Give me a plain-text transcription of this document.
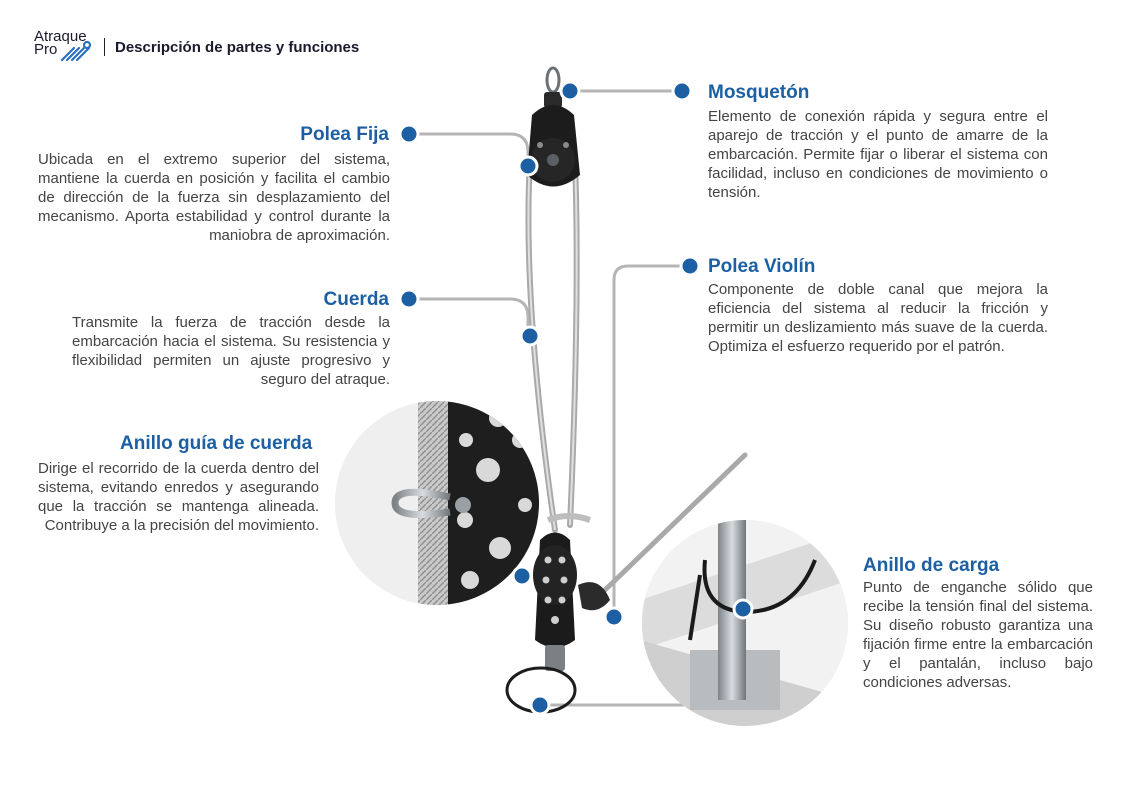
Atraque
Pro	Descripción de partes y funciones
Polea Fija
Ubicada en el extremo superior del sistema, mantiene la cuerda en posición y facilita el cambio de dirección de la fuerza sin desplazamiento del mecanismo. Aporta estabilidad y control durante la maniobra de aproximación.
Cuerda
Transmite la fuerza de tracción desde la embarcación hacia el sistema. Su resistencia y flexibilidad permiten un ajuste progresivo y seguro del atraque.
Anillo guía de cuerda
Dirige el recorrido de la cuerda dentro del sistema, evitando enredos y asegurando que la tracción se mantenga alineada. Contribuye a la precisión del movimiento.
Mosquetón
Elemento de conexión rápida y segura entre el aparejo de tracción y el punto de amarre de la embarcación. Permite fijar o liberar el sistema con facilidad, incluso en condiciones de movimiento o tensión.
Polea Violín
Componente de doble canal que mejora la eficiencia del sistema al reducir la fricción y permitir un deslizamiento más suave de la cuerda. Optimiza el esfuerzo requerido por el patrón.
Anillo de carga
Punto de enganche sólido que recibe la tensión final del sistema. Su diseño robusto garantiza una fijación firme entre la embarcación y el pantalán, incluso bajo condiciones adversas.
